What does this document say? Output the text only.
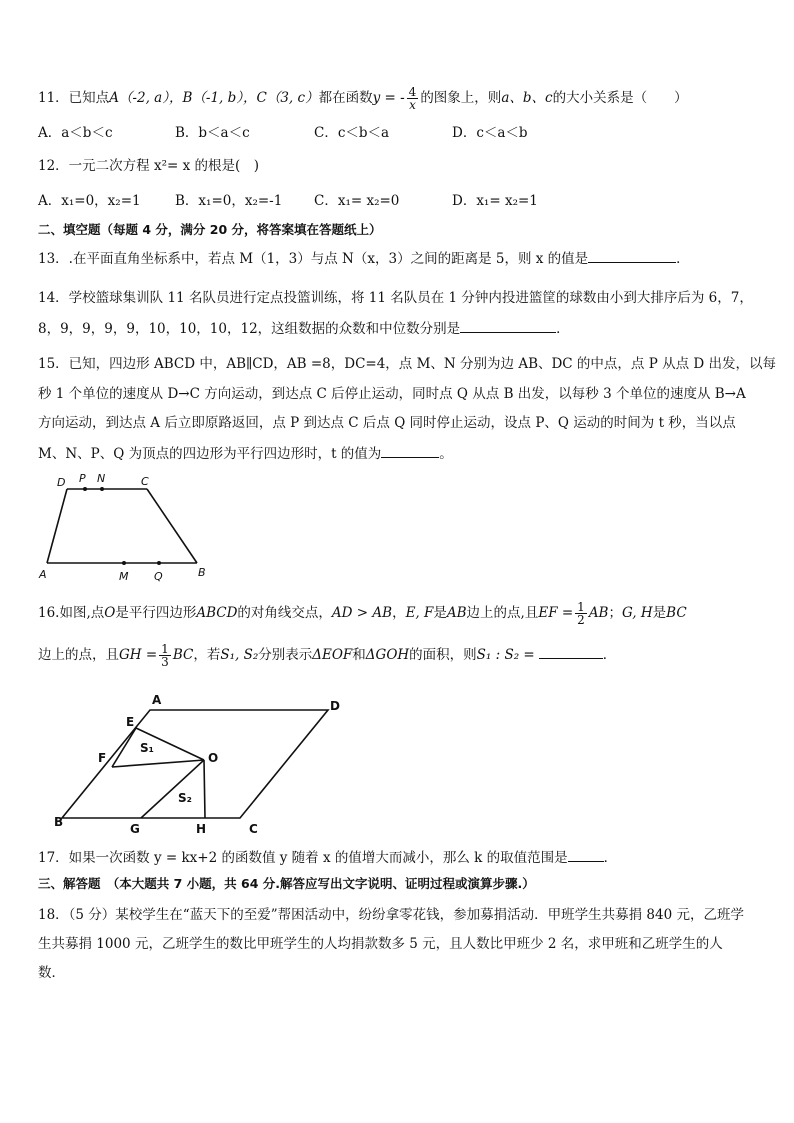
11．已知点A（-2, a），B（-1, b），C（3, c）都在函数y = - $\frac{4}{x}$ 的图象上，则a、b、c的大小关系是（　　）
A．a＜b＜c	B．b＜a＜c	C．c＜b＜a	D．c＜a＜b
12．一元二次方程 x²= x 的根是(　)
A．x₁=0，x₂=1	B．x₁=0，x₂=-1 C．x₁= x₂=0	D．x₁= x₂=1
二、填空题（每题 4 分，满分 20 分，将答案填在答题纸上）
13．.在平面直角坐标系中，若点 M（1，3）与点 N（x，3）之间的距离是 5，则 x 的值是	．
14．学校篮球集训队 11 名队员进行定点投篮训练，将 11 名队员在 1 分钟内投进篮筐的球数由小到大排序后为 6，7，
8，9，9，9，9，10，10，10，12，这组数据的众数和中位数分别是	．
15．已知，四边形 ABCD 中，AB∥CD，AB =8，DC=4，点 M、N 分别为边 AB、DC 的中点，点 P 从点 D 出发，以每
秒 1 个单位的速度从 D→C 方向运动，到达点 C 后停止运动，同时点 Q 从点 B 出发，以每秒 3 个单位的速度从 B→A
方向运动，到达点 A 后立即原路返回，点 P 到达点 C 后点 Q 同时停止运动，设点 P、Q 运动的时间为 t 秒，当以点
M、N、P、Q 为顶点的四边形为平行四边形时，t 的值为	。
D P N	C
A	M Q	B
16.如图,点O是平行四边形ABCD的对角线交点，AD > AB，E, F是AB边上的点,且EF = $\frac{1}{2}$ AB；G, H是BC
边上的点，且GH = $\frac{1}{3}$ BC，若S₁, S₂分别表示ΔEOF和ΔGOH的面积，则S₁ : S₂ =	．
A	D
E
F	O
S₁
S₂
B	G	H	C
17．如果一次函数 y = kx+2 的函数值 y 随着 x 的值增大而减小，那么 k 的取值范围是	．
三、解答题　（本大题共 7 小题，共 64 分.解答应写出文字说明、证明过程或演算步骤.）
18．（5 分）某校学生在“蓝天下的至爱”帮困活动中，纷纷拿零花钱，参加募捐活动．甲班学生共募捐 840 元，乙班学
生共募捐 1000 元，乙班学生的数比甲班学生的人均捐款数多 5 元，且人数比甲班少 2 名，求甲班和乙班学生的人
数．
